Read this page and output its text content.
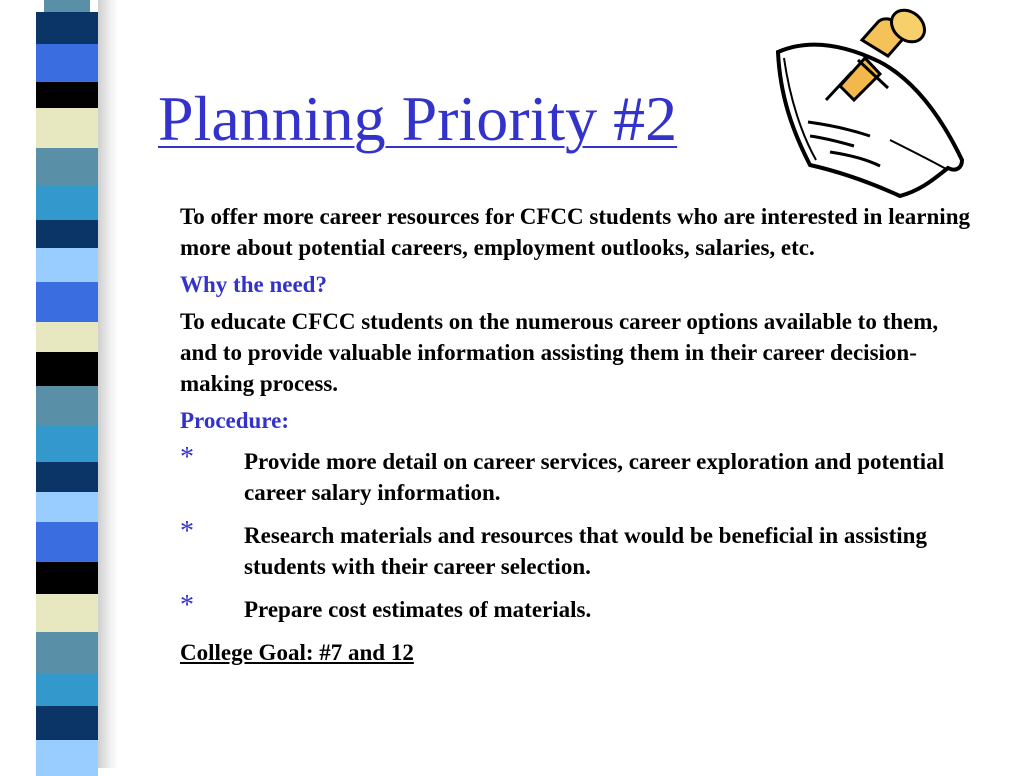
Planning Priority #2

To offer more career resources for CFCC students who are interested in learning more about potential careers, employment outlooks, salaries, etc.

Why the need?

To educate CFCC students on the numerous career options available to them, and to provide valuable information assisting them in their career decision-making process.

Procedure:

* Provide more detail on career services, career exploration and potential career salary information.

* Research materials and resources that would be beneficial in assisting students with their career selection.

* Prepare cost estimates of materials.

College Goal: #7 and 12
